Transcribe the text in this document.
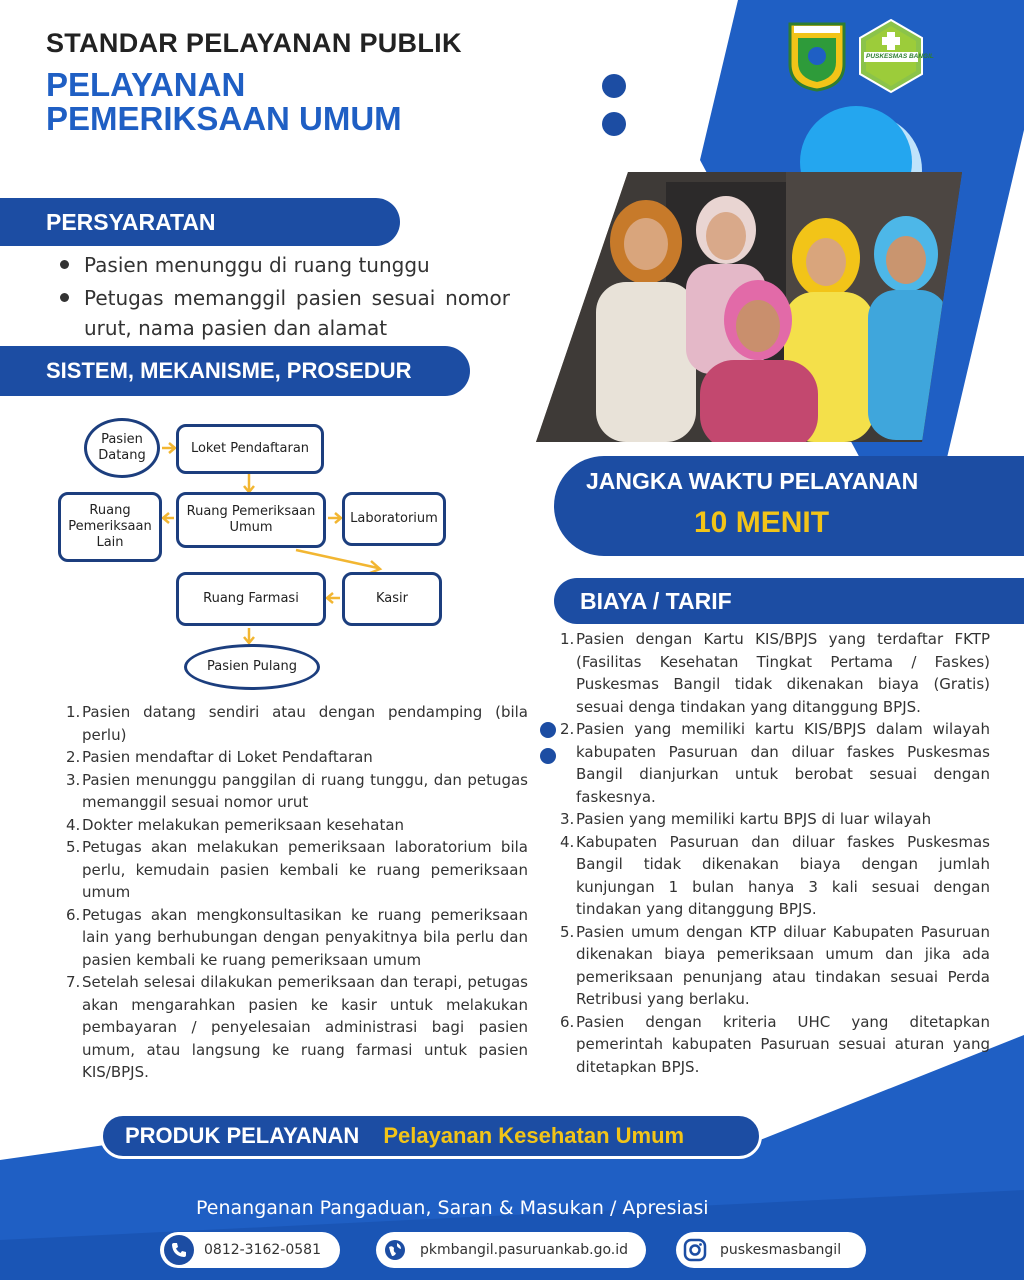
PUSKESMAS BANGIL
STANDAR PELAYANAN PUBLIK
PELAYANAN
PEMERIKSAAN UMUM
PERSYARATAN
Pasien menunggu di ruang tunggu
Petugas memanggil pasien sesuai nomor urut, nama pasien dan alamat
SISTEM, MEKANISME, PROSEDUR
Pasien Datang	Loket Pendaftaran
Ruang Pemeriksaan Lain
Ruang Pemeriksaan Umum
Laboratorium
Ruang Farmasi	Kasir
Pasien Pulang
1. Pasien datang sendiri atau dengan pendamping (bila perlu)
2. Pasien mendaftar di Loket Pendaftaran
3. Pasien menunggu panggilan di ruang tunggu, dan petugas memanggil sesuai nomor urut
4. Dokter melakukan pemeriksaan kesehatan
5. Petugas akan melakukan pemeriksaan laboratorium bila perlu, kemudain pasien kembali ke ruang pemeriksaan umum
6. Petugas akan mengkonsultasikan ke ruang pemeriksaan lain yang berhubungan dengan penyakitnya bila perlu dan pasien kembali ke ruang pemeriksaan umum
7. Setelah selesai dilakukan pemeriksaan dan terapi, petugas akan mengarahkan pasien ke kasir untuk melakukan pembayaran / penyelesaian administrasi bagi pasien umum, atau langsung ke ruang farmasi untuk pasien KIS/BPJS.
JANGKA WAKTU PELAYANAN
10 MENIT
BIAYA / TARIF
1. Pasien dengan Kartu KIS/BPJS yang terdaftar FKTP (Fasilitas Kesehatan Tingkat Pertama / Faskes) Puskesmas Bangil tidak dikenakan biaya (Gratis) sesuai denga tindakan yang ditanggung BPJS.
2. Pasien yang memiliki kartu KIS/BPJS dalam wilayah kabupaten Pasuruan dan diluar faskes Puskesmas Bangil dianjurkan untuk berobat sesuai dengan faskesnya.
3. Pasien yang memiliki kartu BPJS di luar wilayah
4. Kabupaten Pasuruan dan diluar faskes Puskesmas Bangil tidak dikenakan biaya dengan jumlah kunjungan 1 bulan hanya 3 kali sesuai dengan tindakan yang ditanggung BPJS.
5. Pasien umum dengan KTP diluar Kabupaten Pasuruan dikenakan biaya pemeriksaan umum dan jika ada pemeriksaan penunjang atau tindakan sesuai Perda Retribusi yang berlaku.
6. Pasien dengan kriteria UHC yang ditetapkan pemerintah kabupaten Pasuruan sesuai aturan yang ditetapkan BPJS.
PRODUK PELAYANAN Pelayanan Kesehatan Umum
Penanganan Pangaduan, Saran & Masukan / Apresiasi
0812-3162-0581	pkmbangil.pasuruankab.go.id	puskesmasbangil
